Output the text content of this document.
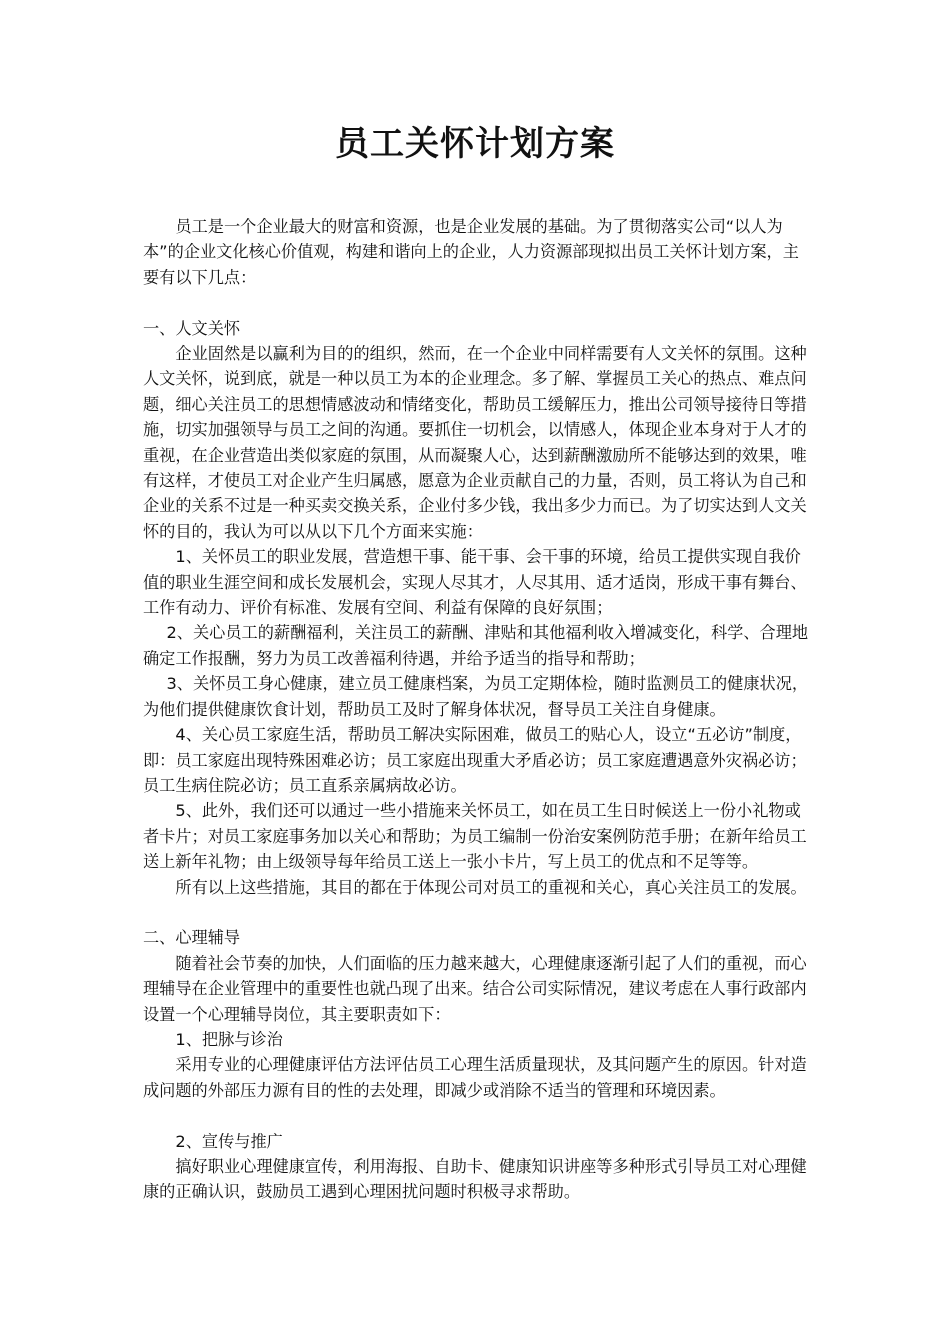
员工关怀计划方案

员工是一个企业最大的财富和资源，也是企业发展的基础。为了贯彻落实公司“以人为本”的企业文化核心价值观，构建和谐向上的企业，人力资源部现拟出员工关怀计划方案，主要有以下几点：

一、人文关怀

企业固然是以赢利为目的的组织，然而，在一个企业中同样需要有人文关怀的氛围。这种人文关怀，说到底，就是一种以员工为本的企业理念。多了解、掌握员工关心的热点、难点问题，细心关注员工的思想情感波动和情绪变化，帮助员工缓解压力，推出公司领导接待日等措施，切实加强领导与员工之间的沟通。要抓住一切机会，以情感人，体现企业本身对于人才的重视，在企业营造出类似家庭的氛围，从而凝聚人心，达到薪酬激励所不能够达到的效果，唯有这样，才使员工对企业产生归属感，愿意为企业贡献自己的力量，否则，员工将认为自己和企业的关系不过是一种买卖交换关系，企业付多少钱，我出多少力而已。为了切实达到人文关怀的目的，我认为可以从以下几个方面来实施：

1、关怀员工的职业发展，营造想干事、能干事、会干事的环境，给员工提供实现自我价值的职业生涯空间和成长发展机会，实现人尽其才，人尽其用、适才适岗，形成干事有舞台、工作有动力、评价有标准、发展有空间、利益有保障的良好氛围；

2、关心员工的薪酬福利，关注员工的薪酬、津贴和其他福利收入增减变化，科学、合理地确定工作报酬，努力为员工改善福利待遇，并给予适当的指导和帮助；

3、关怀员工身心健康，建立员工健康档案，为员工定期体检，随时监测员工的健康状况，为他们提供健康饮食计划，帮助员工及时了解身体状况，督导员工关注自身健康。

4、关心员工家庭生活，帮助员工解决实际困难，做员工的贴心人，设立“五必访”制度，即：员工家庭出现特殊困难必访；员工家庭出现重大矛盾必访；员工家庭遭遇意外灾祸必访；员工生病住院必访；员工直系亲属病故必访。

5、此外，我们还可以通过一些小措施来关怀员工，如在员工生日时候送上一份小礼物或者卡片；对员工家庭事务加以关心和帮助；为员工编制一份治安案例防范手册；在新年给员工送上新年礼物；由上级领导每年给员工送上一张小卡片，写上员工的优点和不足等等。

所有以上这些措施，其目的都在于体现公司对员工的重视和关心，真心关注员工的发展。

二、心理辅导

随着社会节奏的加快，人们面临的压力越来越大，心理健康逐渐引起了人们的重视，而心理辅导在企业管理中的重要性也就凸现了出来。结合公司实际情况，建议考虑在人事行政部内设置一个心理辅导岗位，其主要职责如下：

1、把脉与诊治

采用专业的心理健康评估方法评估员工心理生活质量现状，及其问题产生的原因。针对造成问题的外部压力源有目的性的去处理，即减少或消除不适当的管理和环境因素。

2、宣传与推广

搞好职业心理健康宣传，利用海报、自助卡、健康知识讲座等多种形式引导员工对心理健康的正确认识，鼓励员工遇到心理困扰问题时积极寻求帮助。
